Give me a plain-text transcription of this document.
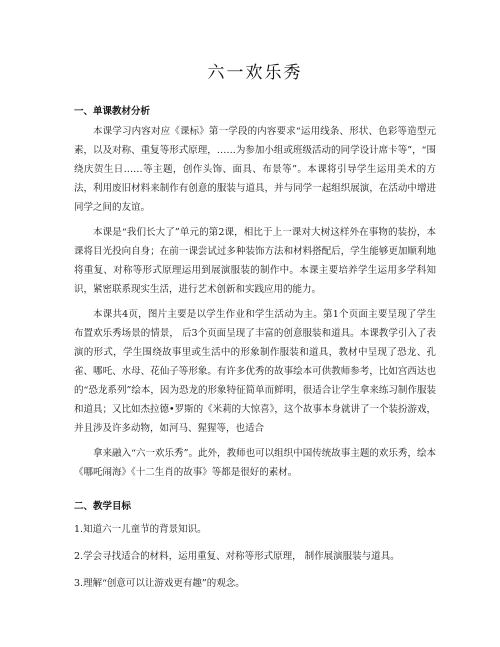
六一欢乐秀
一、单课教材分析

本课学习内容对应《课标》第一学段的内容要求“运用线条、形状、色彩等造型元素，以及对称、重复等形式原理，……为参加小组或班级活动的同学设计席卡等”，“围绕庆贺生日……等主题，创作头饰、面具、布景等”。本课将引导学生运用美术的方法，利用废旧材料来制作有创意的服装与道具，并与同学一起组织展演，在活动中增进同学之间的友谊。

本课是“我们长大了”单元的第2课，相比于上一课对大树这样外在事物的装扮，本课将目光投向自身；在前一课尝试过多种装饰方法和材料搭配后，学生能够更加顺利地将重复、对称等形式原理运用到展演服装的制作中。本课主要培养学生运用多学科知识，紧密联系现实生活，进行艺术创新和实践应用的能力。

本课共4页，图片主要是以学生作业和学生活动为主。第1个页面主要呈现了学生布置欢乐秀场景的情景， 后3个页面呈现了丰富的创意服装和道具。本课教学引入了表演的形式，学生围绕故事里或生活中的形象制作服装和道具，教材中呈现了恐龙、孔雀、哪吒、水母、花仙子等形象。有许多优秀的故事绘本可供教师参考，比如宫西达也的“恐龙系列”绘本，因为恐龙的形象特征简单而鲜明，很适合让学生拿来练习制作服装和道具；又比如杰拉德•罗斯的《米莉的大惊喜》，这个故事本身就讲了一个装扮游戏，并且涉及许多动物，如河马、猩猩等，也适合

拿来融入“六一欢乐秀”。此外，教师也可以组织中国传统故事主题的欢乐秀，绘本《哪吒闹海》《十二生肖的故事》等都是很好的素材。

二、教学目标

1.知道六一儿童节的背景知识。

2.学会寻找适合的材料，运用重复、对称等形式原理， 制作展演服装与道具。

3.理解“创意可以让游戏更有趣”的观念。
